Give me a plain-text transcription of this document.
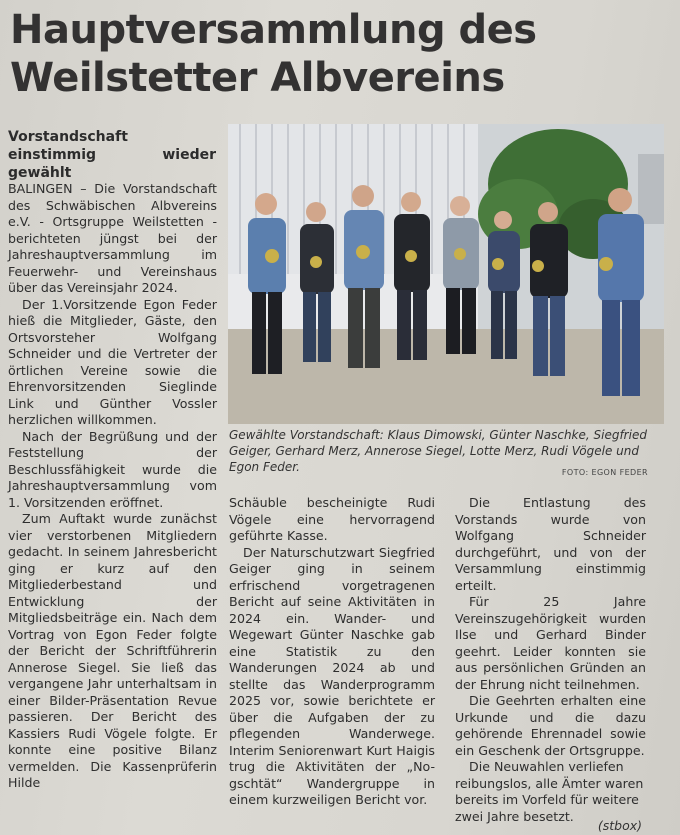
Hauptversammlung des Weilstetter Albvereins
Vorstandschaft einstimmig wieder gewählt

BALINGEN – Die Vorstandschaft des Schwäbischen Albvereins e.V. - Ortsgruppe Weilstetten - berichteten jüngst bei der Jahreshauptversammlung im Feuerwehr- und Vereinshaus über das Vereinsjahr 2024.

Der 1.Vorsitzende Egon Feder hieß die Mitglieder, Gäste, den Ortsvorsteher Wolfgang Schneider und die Vertreter der örtlichen Vereine sowie die Ehrenvorsitzenden Sieglinde Link und Günther Vossler herzlichen willkommen.

Nach der Begrüßung und der Feststellung der Beschlussfähigkeit wurde die Jahreshauptversammlung vom 1. Vorsitzenden eröffnet.

Zum Auftakt wurde zunächst vier verstorbenen Mitgliedern gedacht. In seinem Jahresbericht ging er kurz auf den Mitgliederbestand und Entwicklung der Mitgliedsbeiträge ein. Nach dem Vortrag von Egon Feder folgte der Bericht der Schriftführerin Annerose Siegel. Sie ließ das vergangene Jahr unterhaltsam in einer Bilder-Präsentation Revue passieren. Der Bericht des Kassiers Rudi Vögele folgte. Er konnte eine positive Bilanz vermelden. Die Kassenprüferin Hilde

Gewählte Vorstandschaft: Klaus Dimowski, Günter Naschke, Siegfried Geiger, Gerhard Merz, Annerose Siegel, Lotte Merz, Rudi Vögele und Egon Feder.	FOTO: EGON FEDER

Schäuble bescheinigte Rudi Vögele eine hervorragend geführte Kasse.

Der Naturschutzwart Siegfried Geiger ging in seinem erfrischend vorgetragenen Bericht auf seine Aktivitäten in 2024 ein. Wander- und Wegewart Günter Naschke gab eine Statistik zu den Wanderungen 2024 ab und stellte das Wanderprogramm 2025 vor, sowie berichtete er über die Aufgaben der zu pflegenden Wanderwege. Interim Seniorenwart Kurt Haigis trug die Aktivitäten der „No-gschtät“ Wandergruppe in einem kurzweiligen Bericht vor.

Die Entlastung des Vorstands wurde von Wolfgang Schneider durchgeführt, und von der Versammlung einstimmig erteilt.

Für 25 Jahre Vereinszugehörigkeit wurden Ilse und Gerhard Binder geehrt. Leider konnten sie aus persönlichen Gründen an der Ehrung nicht teilnehmen.

Die Geehrten erhalten eine Urkunde und die dazu gehörende Ehrennadel sowie ein Geschenk der Ortsgruppe.

Die Neuwahlen verliefen reibungslos, alle Ämter waren bereits im Vorfeld für weitere zwei Jahre besetzt.

(stbox)
